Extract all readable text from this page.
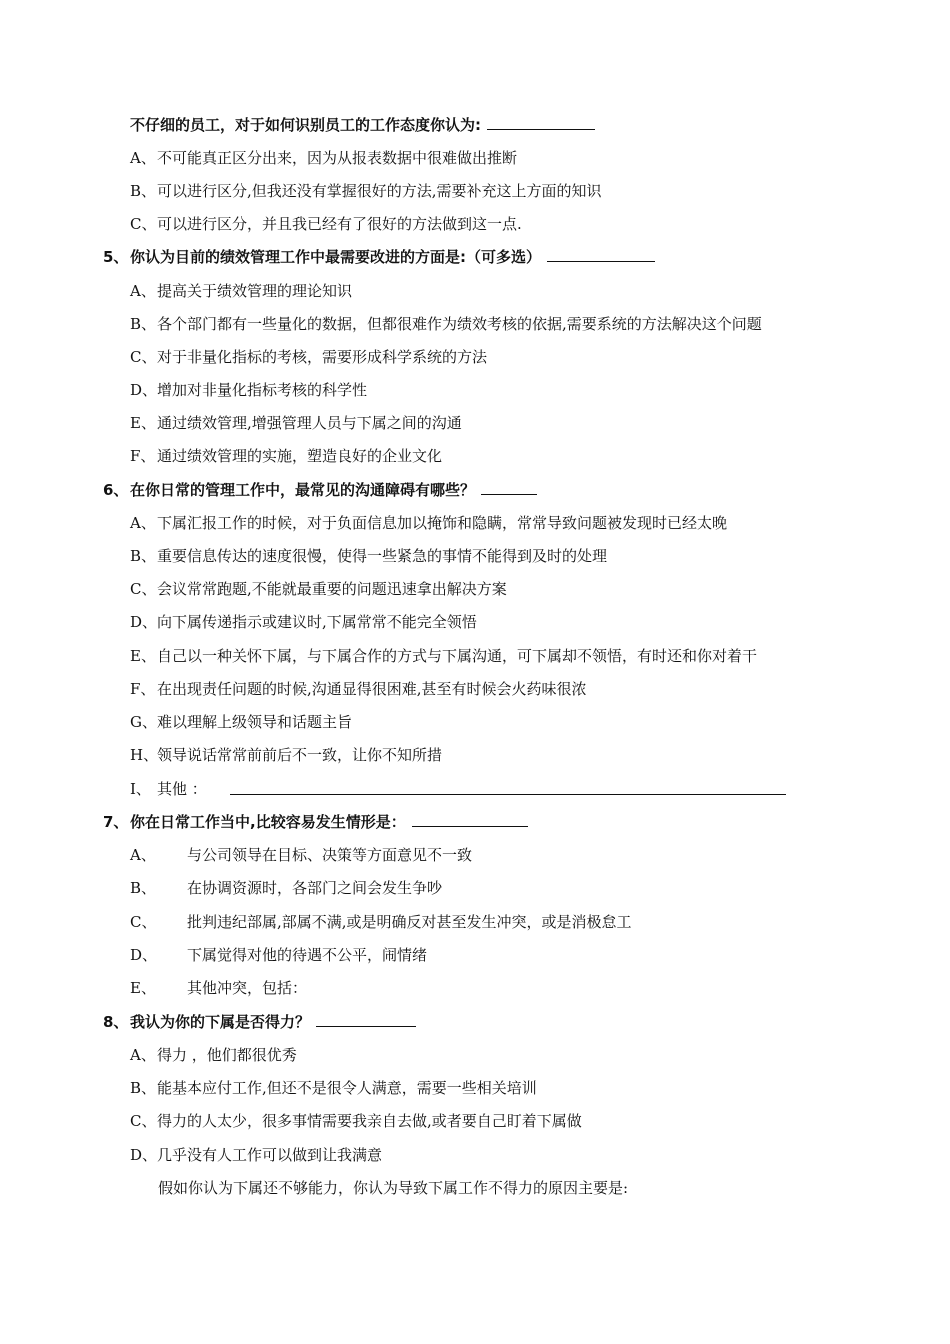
不仔细的员工，对于如何识别员工的工作态度你认为:
A、 不可能真正区分出来，因为从报表数据中很难做出推断
B、 可以进行区分,但我还没有掌握很好的方法,需要补充这上方面的知识
C、 可以进行区分，并且我已经有了很好的方法做到这一点.
5、 你认为目前的绩效管理工作中最需要改进的方面是:（可多选）
A、 提高关于绩效管理的理论知识
B、 各个部门都有一些量化的数据，但都很难作为绩效考核的依据,需要系统的方法解决这个问题
C、 对于非量化指标的考核，需要形成科学系统的方法
D、 增加对非量化指标考核的科学性
E、 通过绩效管理,增强管理人员与下属之间的沟通
F、 通过绩效管理的实施，塑造良好的企业文化
6、 在你日常的管理工作中，最常见的沟通障碍有哪些？
A、 下属汇报工作的时候，对于负面信息加以掩饰和隐瞒，常常导致问题被发现时已经太晚
B、 重要信息传达的速度很慢，使得一些紧急的事情不能得到及时的处理
C、 会议常常跑题,不能就最重要的问题迅速拿出解决方案
D、 向下属传递指示或建议时,下属常常不能完全领悟
E、 自己以一种关怀下属，与下属合作的方式与下属沟通，可下属却不领悟，有时还和你对着干
F、 在出现责任问题的时候,沟通显得很困难,甚至有时候会火药味很浓
G、 难以理解上级领导和话题主旨
H、
领导说话常常前前后不一致，让你不知所措
I、 其他 ：
7、 你在日常工作当中,比较容易发生情形是：
A、 与公司领导在目标、决策等方面意见不一致
B、 在协调资源时，各部门之间会发生争吵
C、 批判违纪部属,部属不满,或是明确反对甚至发生冲突，或是消极怠工
D、 下属觉得对他的待遇不公平，闹情绪
E、 其他冲突，包括：
8、 我认为你的下属是否得力？
A、 得力 ，他们都很优秀
B、 能基本应付工作,但还不是很令人满意，需要一些相关培训
C、 得力的人太少，很多事情需要我亲自去做,或者要自己盯着下属做
D、 几乎没有人工作可以做到让我满意
假如你认为下属还不够能力，你认为导致下属工作不得力的原因主要是:
